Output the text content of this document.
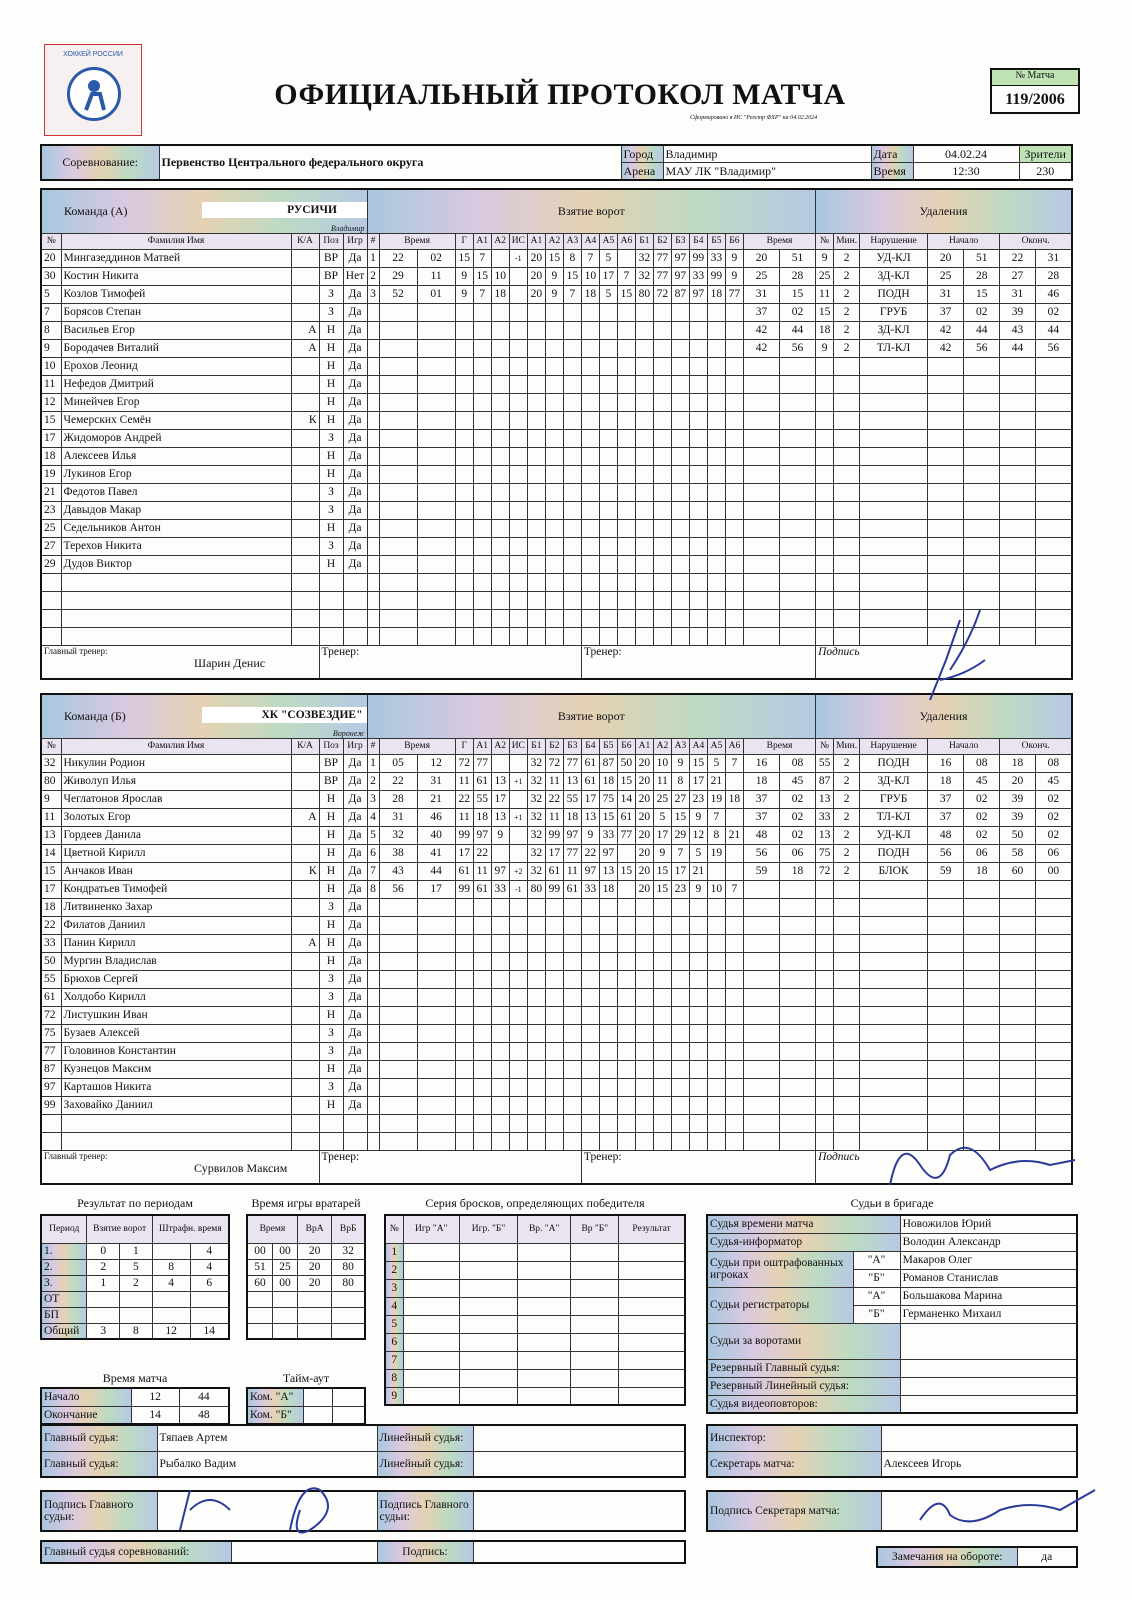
ХОККЕЙ РОССИИ
ОФИЦИАЛЬНЫЙ ПРОТОКОЛ МАТЧА
Сформировано в ИС "Реестр ФХР" на 04.02.2024
№ Матча
119/2006
Соревнование:	Первенство Центрального федерального округа	Город	Владимир	Дата	04.02.24	Зрители
		Арена	МАУ ЛК "Владимир"	Время	12:30	230
Команда (А) РУСИЧИ
Владимир					Взятие ворот																					Удаления						
№	Фамилия Имя	К/А	Поз	Игр	#	Время		Г	А1	А2	ИС	А1	А2	А3	А4	А5	А6	Б1	Б2	Б3	Б4	Б5	Б6	Время		№	Мин.	Нарушение	Начало		Оконч.	
20	Мингазеддинов Матвей		ВР	Да	1	22	02	15	7		-1	20	15	8	7	5		32	77	97	99	33	9	20	51	9	2	УД-КЛ	20	51	22	31
30	Костин Никита		ВР	Нет	2	29	11	9	15	10		20	9	15	10	17	7	32	77	97	33	99	9	25	28	25	2	ЗД-КЛ	25	28	27	28
5	Козлов Тимофей		З	Да	3	52	01	9	7	18		20	9	7	18	5	15	80	72	87	97	18	77	31	15	11	2	ПОДН	31	15	31	46
7	Борясов Степан		З	Да																				37	02	15	2	ГРУБ	37	02	39	02
8	Васильев Егор	А	Н	Да																				42	44	18	2	ЗД-КЛ	42	44	43	44
9	Бородачев Виталий	А	Н	Да																				42	56	9	2	ТЛ-КЛ	42	56	44	56
10	Ерохов Леонид		Н	Да																												
11	Нефедов Дмитрий		Н	Да																												
12	Минейчев Егор		Н	Да																												
15	Чемерских Семён	К	Н	Да																												
17	Жидоморов Андрей		З	Да																												
18	Алексеев Илья		Н	Да																												
19	Лукинов Егор		Н	Да																												
21	Федотов Павел		З	Да																												
23	Давыдов Макар		З	Да																												
25	Седельников Антон		Н	Да																												
27	Терехов Никита		З	Да																												
29	Дудов Виктор		Н	Да																												

Главный тренер:
Шарин Денис			Тренер:												Тренер:											Подпись						
Команда (Б) ХК "СОЗВЕЗДИЕ"
Воронеж					Взятие ворот																					Удаления						
№	Фамилия Имя	К/А	Поз	Игр	#	Время		Г	А1	А2	ИС	Б1	Б2	Б3	Б4	Б5	Б6	А1	А2	А3	А4	А5	А6	Время		№	Мин.	Нарушение	Начало		Оконч.	
32	Никулин Родион		ВР	Да	1	05	12	72	77			32	72	77	61	87	50	20	10	9	15	5	7	16	08	55	2	ПОДН	16	08	18	08
80	Живолуп Илья		ВР	Да	2	22	31	11	61	13	+1	32	11	13	61	18	15	20	11	8	17	21		18	45	87	2	ЗД-КЛ	18	45	20	45
9	Чеглатонов Ярослав		Н	Да	3	28	21	22	55	17		32	22	55	17	75	14	20	25	27	23	19	18	37	02	13	2	ГРУБ	37	02	39	02
11	Золотых Егор	А	Н	Да	4	31	46	11	18	13	+1	32	11	18	13	15	61	20	5	15	9	7		37	02	33	2	ТЛ-КЛ	37	02	39	02
13	Гордеев Данила		Н	Да	5	32	40	99	97	9		32	99	97	9	33	77	20	17	29	12	8	21	48	02	13	2	УД-КЛ	48	02	50	02
14	Цветной Кирилл		Н	Да	6	38	41	17	22			32	17	77	22	97		20	9	7	5	19		56	06	75	2	ПОДН	56	06	58	06
15	Анчаков Иван	К	Н	Да	7	43	44	61	11	97	+2	32	61	11	97	13	15	20	15	17	21			59	18	72	2	БЛОК	59	18	60	00
17	Кондратьев Тимофей		Н	Да	8	56	17	99	61	33	-1	80	99	61	33	18		20	15	23	9	10	7									
18	Литвиненко Захар		З	Да																												
22	Филатов Даниил		Н	Да																												
33	Панин Кирилл	А	Н	Да																												
50	Мургин Владислав		Н	Да																												
55	Брюхов Сергей		З	Да																												
61	Холдобо Кирилл		З	Да																												
72	Листушкин Иван		Н	Да																												
75	Бузаев Алексей		З	Да																												
77	Головинов Константин		З	Да																												
87	Кузнецов Максим		Н	Да																												
97	Карташов Никита		З	Да																												
99	Заховайко Даниил		Н	Да																												

Главный тренер:
Сурвилов Максим			Тренер:												Тренер:											Подпись						
Результат по периодам
Период	Взятие ворот		Штрафн. время	
1.	0	1		4
2.	2	5	8	4
3.	1	2	4	6
ОТ				
БП				
Общий	3	8	12	14
Время игры вратарей
Время		ВрА	ВрБ
00	00	20	32
51	25	20	80
60	00	20	80

Время матча
Начало	12	44
Окончание	14	48
Тайм-аут
Ком. "А"		
Ком. "Б"		
Серия бросков, определяющих победителя
№	Игр "А"	Игр. "Б"	Вр. "А"	Вр "Б"	Результат
1					
2					
3					
4					
5					
6					
7					
8					
9					
Судьи в бригаде
Судья времени матча		Новожилов Юрий
Судья-информатор		Володин Александр
Судьи при оштрафованных игроках	"А"	Макаров Олег
	"Б"	Романов Станислав
Судьи регистраторы	"А"	Большакова Марина
	"Б"	Германенко Михаил
Судьи за воротами		
Резервный Главный судья:		
Резервный Линейный судья:		
Судья видеоповторов:		
Главный судья:	Тяпаев Артем	Линейный судья:	
Главный судья:	Рыбалко Вадим	Линейный судья:	
Подпись Главного судьи:		Подпись Главного судьи:	
Инспектор:	
Секретарь матча:	Алексеев Игорь
Подпись Секретаря матча:	
Главный судья соревнований:		Подпись:		Замечания на обороте:	да
